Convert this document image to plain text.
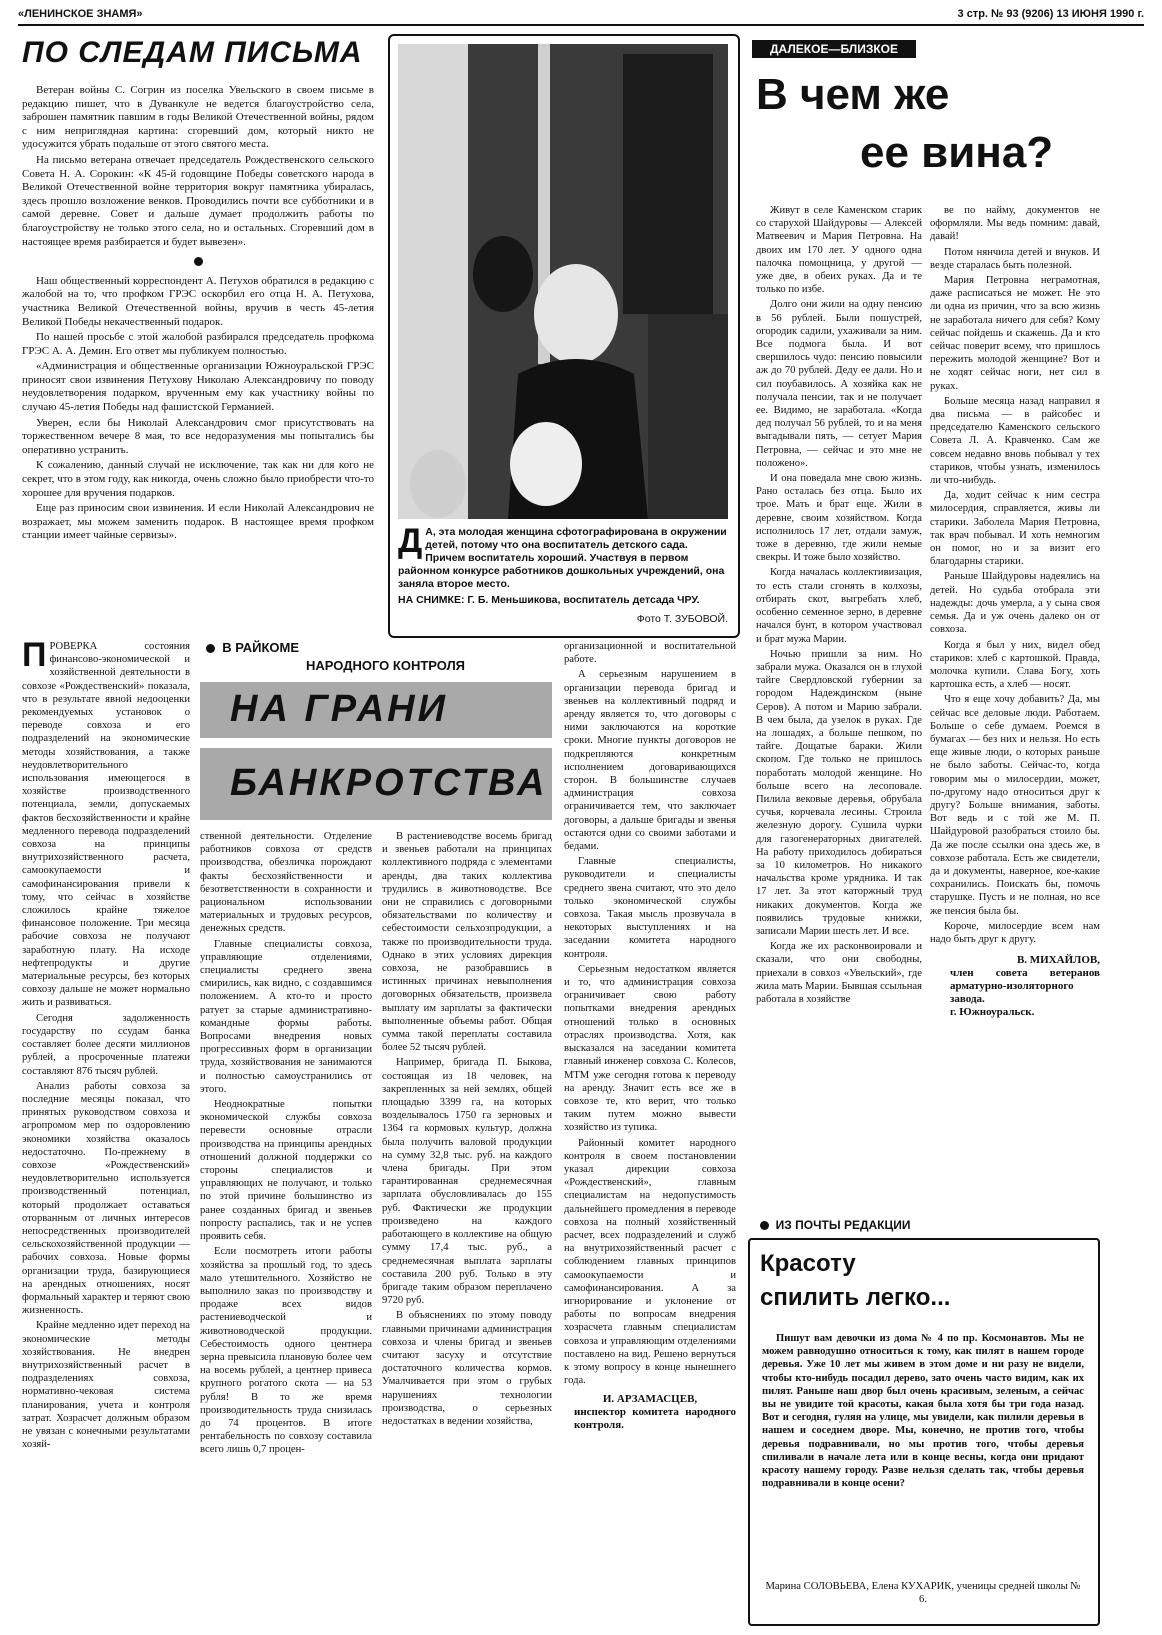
«ЛЕНИНСКОЕ ЗНАМЯ»	3 стр. № 93 (9206) 13 ИЮНЯ 1990 г.
ПО СЛЕДАМ ПИСЬМА

Ветеран войны С. Согрин из поселка Увельского в своем письме в редакцию пишет, что в Дуванкуле не ведется благоустройство села, заброшен памятник павшим в годы Великой Отечественной войны, рядом с ним неприглядная картина: сгоревший дом, который никто не удосужится убрать подальше от этого святого места.

На письмо ветерана отвечает председатель Рождественского сельского Совета Н. А. Сорокин: «К 45-й годовщине Победы советского народа в Великой Отечественной войне территория вокруг памятника убиралась, здесь прошло возложение венков. Проводились почти все субботники и в самой деревне. Совет и дальше думает продолжить работы по благоустройству не только этого села, но и остальных. Сгоревший дом в настоящее время разбирается и будет вывезен».

Наш общественный корреспондент А. Петухов обратился в редакцию с жалобой на то, что профком ГРЭС оскорбил его отца Н. А. Петухова, участника Великой Отечественной войны, вручив в честь 45-летия Великой Победы некачественный подарок.

По нашей просьбе с этой жалобой разбирался председатель профкома ГРЭС А. А. Демин. Его ответ мы публикуем полностью.

«Администрация и общественные организации Южноуральской ГРЭС приносят свои извинения Петухову Николаю Александровичу по поводу неудовлетворения подарком, врученным ему как участнику войны по случаю 45-летия Победы над фашистской Германией.

Уверен, если бы Николай Александрович смог присутствовать на торжественном вечере 8 мая, то все недоразумения мы попытались бы оперативно устранить.

К сожалению, данный случай не исключение, так как ни для кого не секрет, что в этом году, как никогда, очень сложно было приобрести что-то хорошее для вручения подарков.

Еще раз приносим свои извинения. И если Николай Александрович не возражает, мы можем заменить подарок. В настоящее время профком станции имеет чайные сервизы».	Д А, эта молодая женщина сфотографирована в окружении детей, потому что она воспитатель детского сада. Причем воспитатель хороший. Участвуя в первом районном конкурсе работников дошкольных учреждений, она заняла второе место.
НА СНИМКЕ: Г. Б. Меньшикова, воспитатель детсада ЧРУ.
Фото Т. ЗУБОВОЙ.
ДАЛЕКОЕ—БЛИЗКОЕ
В чем же
ее вина?

Живут в селе Каменском старик со старухой Шайдуровы — Алексей Матвеевич и Мария Петровна. На двоих им 170 лет. У одного одна палочка помощница, у другой — уже две, в обеих руках. Да и те только по избе.

Долго они жили на одну пенсию в 56 рублей. Были пошустрей, огородик садили, ухаживали за ним. Все подмога была. И вот свершилось чудо: пенсию повысили аж до 70 рублей. Деду ее дали. Но и сил поубавилось. А хозяйка как не получала пенсии, так и не получает ее. Видимо, не заработала. «Когда дед получал 56 рублей, то и на меня выгадывали пять, — сетует Мария Петровна, — сейчас и это мне не положено».

И она поведала мне свою жизнь. Рано осталась без отца. Было их трое. Мать и брат еще. Жили в деревне, своим хозяйством. Когда исполнилось 17 лет, отдали замуж, тоже в деревню, где жили немые свекры. И тоже было хозяйство.

Когда началась коллективизация, то есть стали сгонять в колхозы, отбирать скот, выгребать хлеб, особенно семенное зерно, в деревне начался бунт, в котором участвовал и брат мужа Марии.

Ночью пришли за ним. Но забрали мужа. Оказался он в глухой тайге Свердловской губернии за городом Надеждинском (ныне Серов). А потом и Марию забрали. В чем была, да узелок в руках. Где на лошадях, а больше пешком, по тайге. Дощатые бараки. Жили скопом. Где только не пришлось поработать молодой женщине. Но больше всего на лесоповале. Пилила вековые деревья, обрубала сучья, корчевала лесины. Строила железную дорогу. Сушила чурки для газогенераторных двигателей. На работу приходилось добираться за 10 километров. Но никакого начальства кроме урядника. И так 17 лет. За этот каторжный труд никаких документов. Когда же появились трудовые книжки, записали Марии шесть лет. И все.

Когда же их расконвоировали и сказали, что они свободны, приехали в совхоз «Увельский», где жила мать Марии. Бывшая ссыльная работала в хозяйстве

ве по найму, документов не оформляли. Мы ведь помним: давай, давай!

Потом нянчила детей и внуков. И везде старалась быть полезной.

Мария Петровна неграмотная, даже расписаться не может. Не это ли одна из причин, что за всю жизнь не заработала ничего для себя? Кому сейчас пойдешь и скажешь. Да и кто сейчас поверит всему, что пришлось пережить молодой женщине? Вот и не ходят сейчас ноги, нет сил в руках.

Больше месяца назад направил я два письма — в райсобес и председателю Каменского сельского Совета Л. А. Кравченко. Сам же совсем недавно вновь побывал у тех стариков, чтобы узнать, изменилось ли что-нибудь.

Да, ходит сейчас к ним сестра милосердия, справляется, живы ли старики. Заболела Мария Петровна, так врач побывал. И хоть немногим он помог, но и за визит его благодарны старики.

Раньше Шайдуровы надеялись на детей. Но судьба отобрала эти надежды: дочь умерла, а у сына своя семья. Да и уж очень далеко он от совхоза.

Когда я был у них, видел обед стариков: хлеб с картошкой. Правда, молочка купили. Слава Богу, хоть картошка есть, а хлеб — носят.

Что я еще хочу добавить? Да, мы сейчас все деловые люди. Работаем. Больше о себе думаем. Роемся в бумагах — без них и нельзя. Но есть еще живые люди, о которых раньше не было заботы. Сейчас-то, когда говорим мы о милосердии, может, по-другому надо относиться друг к другу? Больше внимания, заботы. Вот ведь и с той же М. П. Шайдуровой разобраться стоило бы. Да же после ссылки она здесь же, в совхозе работала. Есть же свидетели, да и документы, наверное, кое-какие сохранились. Поискать бы, помочь старушке. Пусть и не полная, но все же пенсия была бы.

Короче, милосердие всем нам надо быть друг к другу.

В. МИХАЙЛОВ,
член совета ветеранов арматурно-изоляторного завода.
г. Южноуральск.
В РАЙКОМЕ
НАРОДНОГО КОНТРОЛЯ
НА ГРАНИ
БАНКРОТСТВА
П РОВЕРКА состояния финансово-экономической и хозяйственной деятельности в совхозе «Рождественский» показала, что в результате явной недооценки рекомендуемых установок о переводе совхоза и его подразделений на экономические методы хозяйствования, а также неудовлетворительного использования имеющегося в хозяйстве производственного потенциала, земли, допускаемых фактов бесхозяйственности и крайне медленного перевода подразделений совхоза на принципы внутрихозяйственного расчета, самоокупаемости и самофинансирования привели к тому, что сейчас в хозяйстве сложилось крайне тяжелое финансовое положение. Три месяца рабочие совхоза не получают заработную плату. На исходе нефтепродукты и другие материальные ресурсы, без которых совхозу дальше не может нормально жить и развиваться.

Сегодня задолженность государству по ссудам банка составляет более десяти миллионов рублей, а просроченные платежи составляют 876 тысяч рублей.

Анализ работы совхоза за последние месяцы показал, что принятых руководством совхоза и агропромом мер по оздоровлению экономики хозяйства оказалось недостаточно. По-прежнему в совхозе «Рождественский» неудовлетворительно используется производственный потенциал, который продолжает оставаться оторванным от личных интересов непосредственных производителей сельскохозяйственной продукции — рабочих совхоза. Новые формы организации труда, базирующиеся на арендных отношениях, носят формальный характер и теряют свою жизненность.

Крайне медленно идет переход на экономические методы хозяйствования. Не внедрен внутрихозяйственный расчет в подразделениях совхоза, нормативно-чековая система планирования, учета и контроля затрат. Хозрасчет должным образом не увязан с конечными результатами хозяй-

ственной деятельности. Отделение работников совхоза от средств производства, обезличка порождают факты бесхозяйственности и безответственности в сохранности и рациональном использовании материальных и трудовых ресурсов, денежных средств.

Главные специалисты совхоза, управляющие отделениями, специалисты среднего звена смирились, как видно, с создавшимся положением. А кто-то и просто ратует за старые административно-командные формы работы. Вопросами внедрения новых прогрессивных форм в организации труда, хозяйствования не занимаются и полностью самоустранились от этого.

Неоднократные попытки экономической службы совхоза перевести основные отрасли производства на принципы арендных отношений должной поддержки со стороны специалистов и управляющих не получают, и только по этой причине большинство из ранее созданных бригад и звеньев попросту распались, так и не успев проявить себя.

Если посмотреть итоги работы хозяйства за прошлый год, то здесь мало утешительного. Хозяйство не выполнило заказ по производству и продаже всех видов растениеводческой и животноводческой продукции. Себестоимость одного центнера зерна превысила плановую более чем на восемь рублей, а центнер привеса крупного рогатого скота — на 53 рубля! В то же время производительность труда снизилась до 74 процентов. В итоге рентабельность по совхозу составила всего лишь 0,7 процен-

В растениеводстве восемь бригад и звеньев работали на принципах коллективного подряда с элементами аренды, два таких коллектива трудились в животноводстве. Все они не справились с договорными обязательствами по количеству и себестоимости сельхозпродукции, а также по производительности труда. Однако в этих условиях дирекция совхоза, не разобравшись в истинных причинах невыполнения договорных обязательств, произвела выплату им зарплаты за фактически выполненные объемы работ. Общая сумма такой переплаты составила более 52 тысяч рублей.

Например, бригада П. Быкова, состоящая из 18 человек, на закрепленных за ней землях, общей площадью 3399 га, на которых возделывалось 1750 га зерновых и 1364 га кормовых культур, должна была получить валовой продукции на сумму 32,8 тыс. руб. на каждого члена бригады. При этом гарантированная среднемесячная зарплата обусловливалась до 155 руб. Фактически же продукции произведено на каждого работающего в коллективе на общую сумму 17,4 тыс. руб., а среднемесячная выплата зарплаты составила 200 руб. Только в эту бригаде таким образом переплачено 9720 руб.

В объяснениях по этому поводу главными причинами администрация совхоза и члены бригад и звеньев считают засуху и отсутствие достаточного количества кормов. Умалчивается при этом о грубых нарушениях технологии производства, о серьезных недостатках в ведении хозяйства,

организационной и воспитательной работе.

А серьезным нарушением в организации перевода бригад и звеньев на коллективный подряд и аренду является то, что договоры с ними заключаются на короткие сроки. Многие пункты договоров не подкрепляются конкретным исполнением договаривающихся сторон. В большинстве случаев администрация совхоза ограничивается тем, что заключает договоры, а дальше бригады и звенья остаются одни со своими заботами и бедами.

Главные специалисты, руководители и специалисты среднего звена считают, что это дело только экономической службы совхоза. Такая мысль прозвучала в некоторых выступлениях и на заседании комитета народного контроля.

Серьезным недостатком является и то, что администрация совхоза ограничивает свою работу попытками внедрения арендных отношений только в основных отраслях производства. Хотя, как высказался на заседании комитета главный инженер совхоза С. Колесов, МТМ уже сегодня готова к переводу на аренду. Значит есть все же в совхозе те, кто верит, что только таким путем можно вывести хозяйство из тупика.

Районный комитет народного контроля в своем постановлении указал дирекции совхоза «Рождественский», главным специалистам на недопустимость дальнейшего промедления в переводе совхоза на полный хозяйственный расчет, всех подразделений и служб на внутрихозяйственный расчет с соблюдением главных принципов самоокупаемости и самофинансирования. А за игнорирование и уклонение от работы по вопросам внедрения хозрасчета главным специалистам совхоза и управляющим отделениями поставлено на вид. Решено вернуться к этому вопросу в конце нынешнего года.

И. АРЗАМАСЦЕВ,
инспектор комитета народного контроля.
ИЗ ПОЧТЫ РЕДАКЦИИ
Красоту
спилить легко...
Пишут вам девочки из дома № 4 по пр. Космонавтов. Мы не можем равнодушно относиться к тому, как пилят в нашем городе деревья. Уже 10 лет мы живем в этом доме и ни разу не видели, чтобы кто-нибудь посадил дерево, зато очень часто видим, как их пилят. Раньше наш двор был очень красивым, зеленым, а сейчас вы не увидите той красоты, какая была хотя бы три года назад. Вот и сегодня, гуляя на улице, мы увидели, как пилили деревья в нашем и соседнем дворе. Мы, конечно, не против того, чтобы деревья подравнивали, но мы против того, чтобы деревья спиливали в начале лета или в конце весны, когда они придают красоту нашему городу. Разве нельзя сделать так, чтобы деревья подравнивали в конце осени?
Марина СОЛОВЬЕВА, Елена КУХАРИК, ученицы средней школы № 6.
